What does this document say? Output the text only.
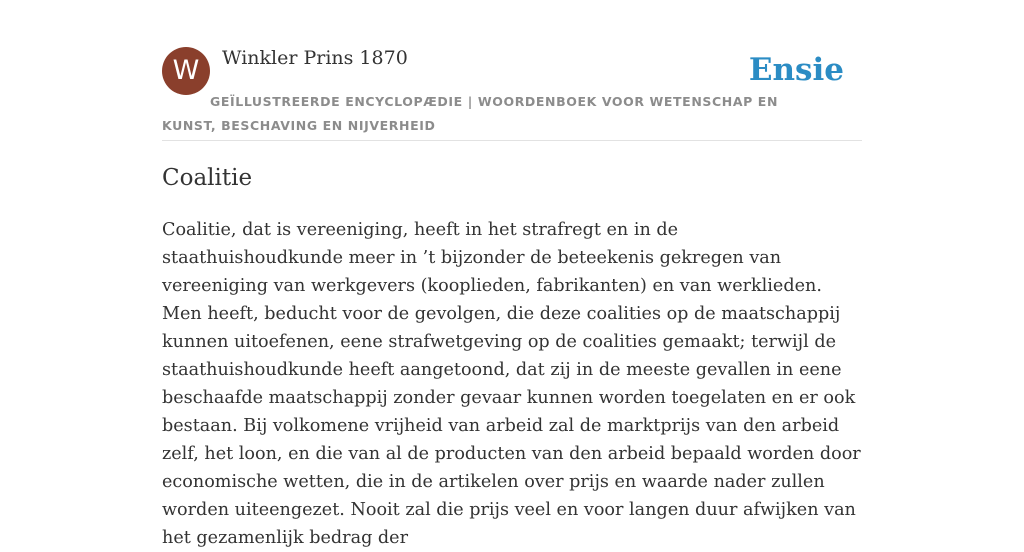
W	Winkler Prins 1870
GEÏLLUSTREERDE ENCYCLOPÆDIE | WOORDENBOEK VOOR WETENSCHAP EN KUNST, BESCHAVING EN NIJVERHEID
Ensie
Coalitie

Coalitie, dat is vereeniging, heeft in het strafregt en in de staathuishoudkunde meer in ’t bijzonder de beteekenis gekregen van vereeniging van werkgevers (kooplieden, fabrikanten) en van werklieden. Men heeft, beducht voor de gevolgen, die deze coalities op de maatschappij kunnen uitoefenen, eene strafwetgeving op de coalities gemaakt; terwijl de staathuishoudkunde heeft aangetoond, dat zij in de meeste gevallen in eene beschaafde maatschappij zonder gevaar kunnen worden toegelaten en er ook bestaan. Bij volkomene vrijheid van arbeid zal de marktprijs van den arbeid zelf, het loon, en die van al de producten van den arbeid bepaald worden door economische wetten, die in de artikelen over prijs en waarde nader zullen worden uiteengezet. Nooit zal die prijs veel en voor langen duur afwijken van het gezamenlijk bedrag der
